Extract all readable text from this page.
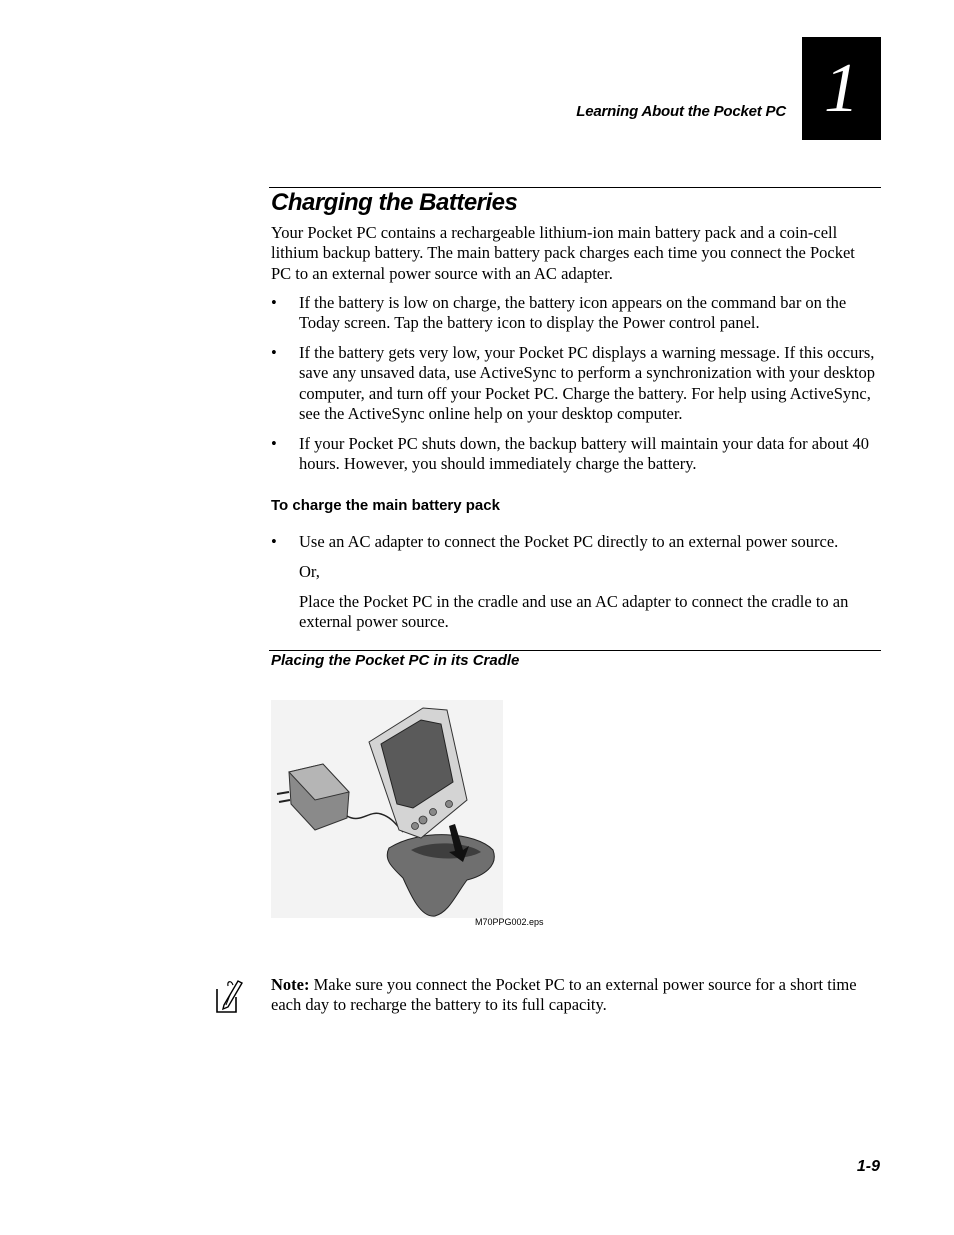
Learning About the Pocket PC 1
Charging the Batteries

Your Pocket PC contains a rechargeable lithium-ion main battery pack and a coin-cell lithium backup battery. The main battery pack charges each time you connect the Pocket PC to an external power source with an AC adapter.

•	If the battery is low on charge, the battery icon appears on the command bar on the Today screen. Tap the battery icon to display the Power control panel.
•	If the battery gets very low, your Pocket PC displays a warning message. If this occurs, save any unsaved data, use ActiveSync to perform a synchronization with your desktop computer, and turn off your Pocket PC. Charge the battery. For help using ActiveSync, see the ActiveSync online help on your desktop computer.
•	If your Pocket PC shuts down, the backup battery will maintain your data for about 40 hours. However, you should immediately charge the battery.
To charge the main battery pack
•	Use an AC adapter to connect the Pocket PC directly to an external power source.
Or,
Place the Pocket PC in the cradle and use an AC adapter to connect the cradle to an external power source.
Placing the Pocket PC in its Cradle
M70PPG002.eps
Note: Make sure you connect the Pocket PC to an external power source for a short time each day to recharge the battery to its full capacity.
1-9
